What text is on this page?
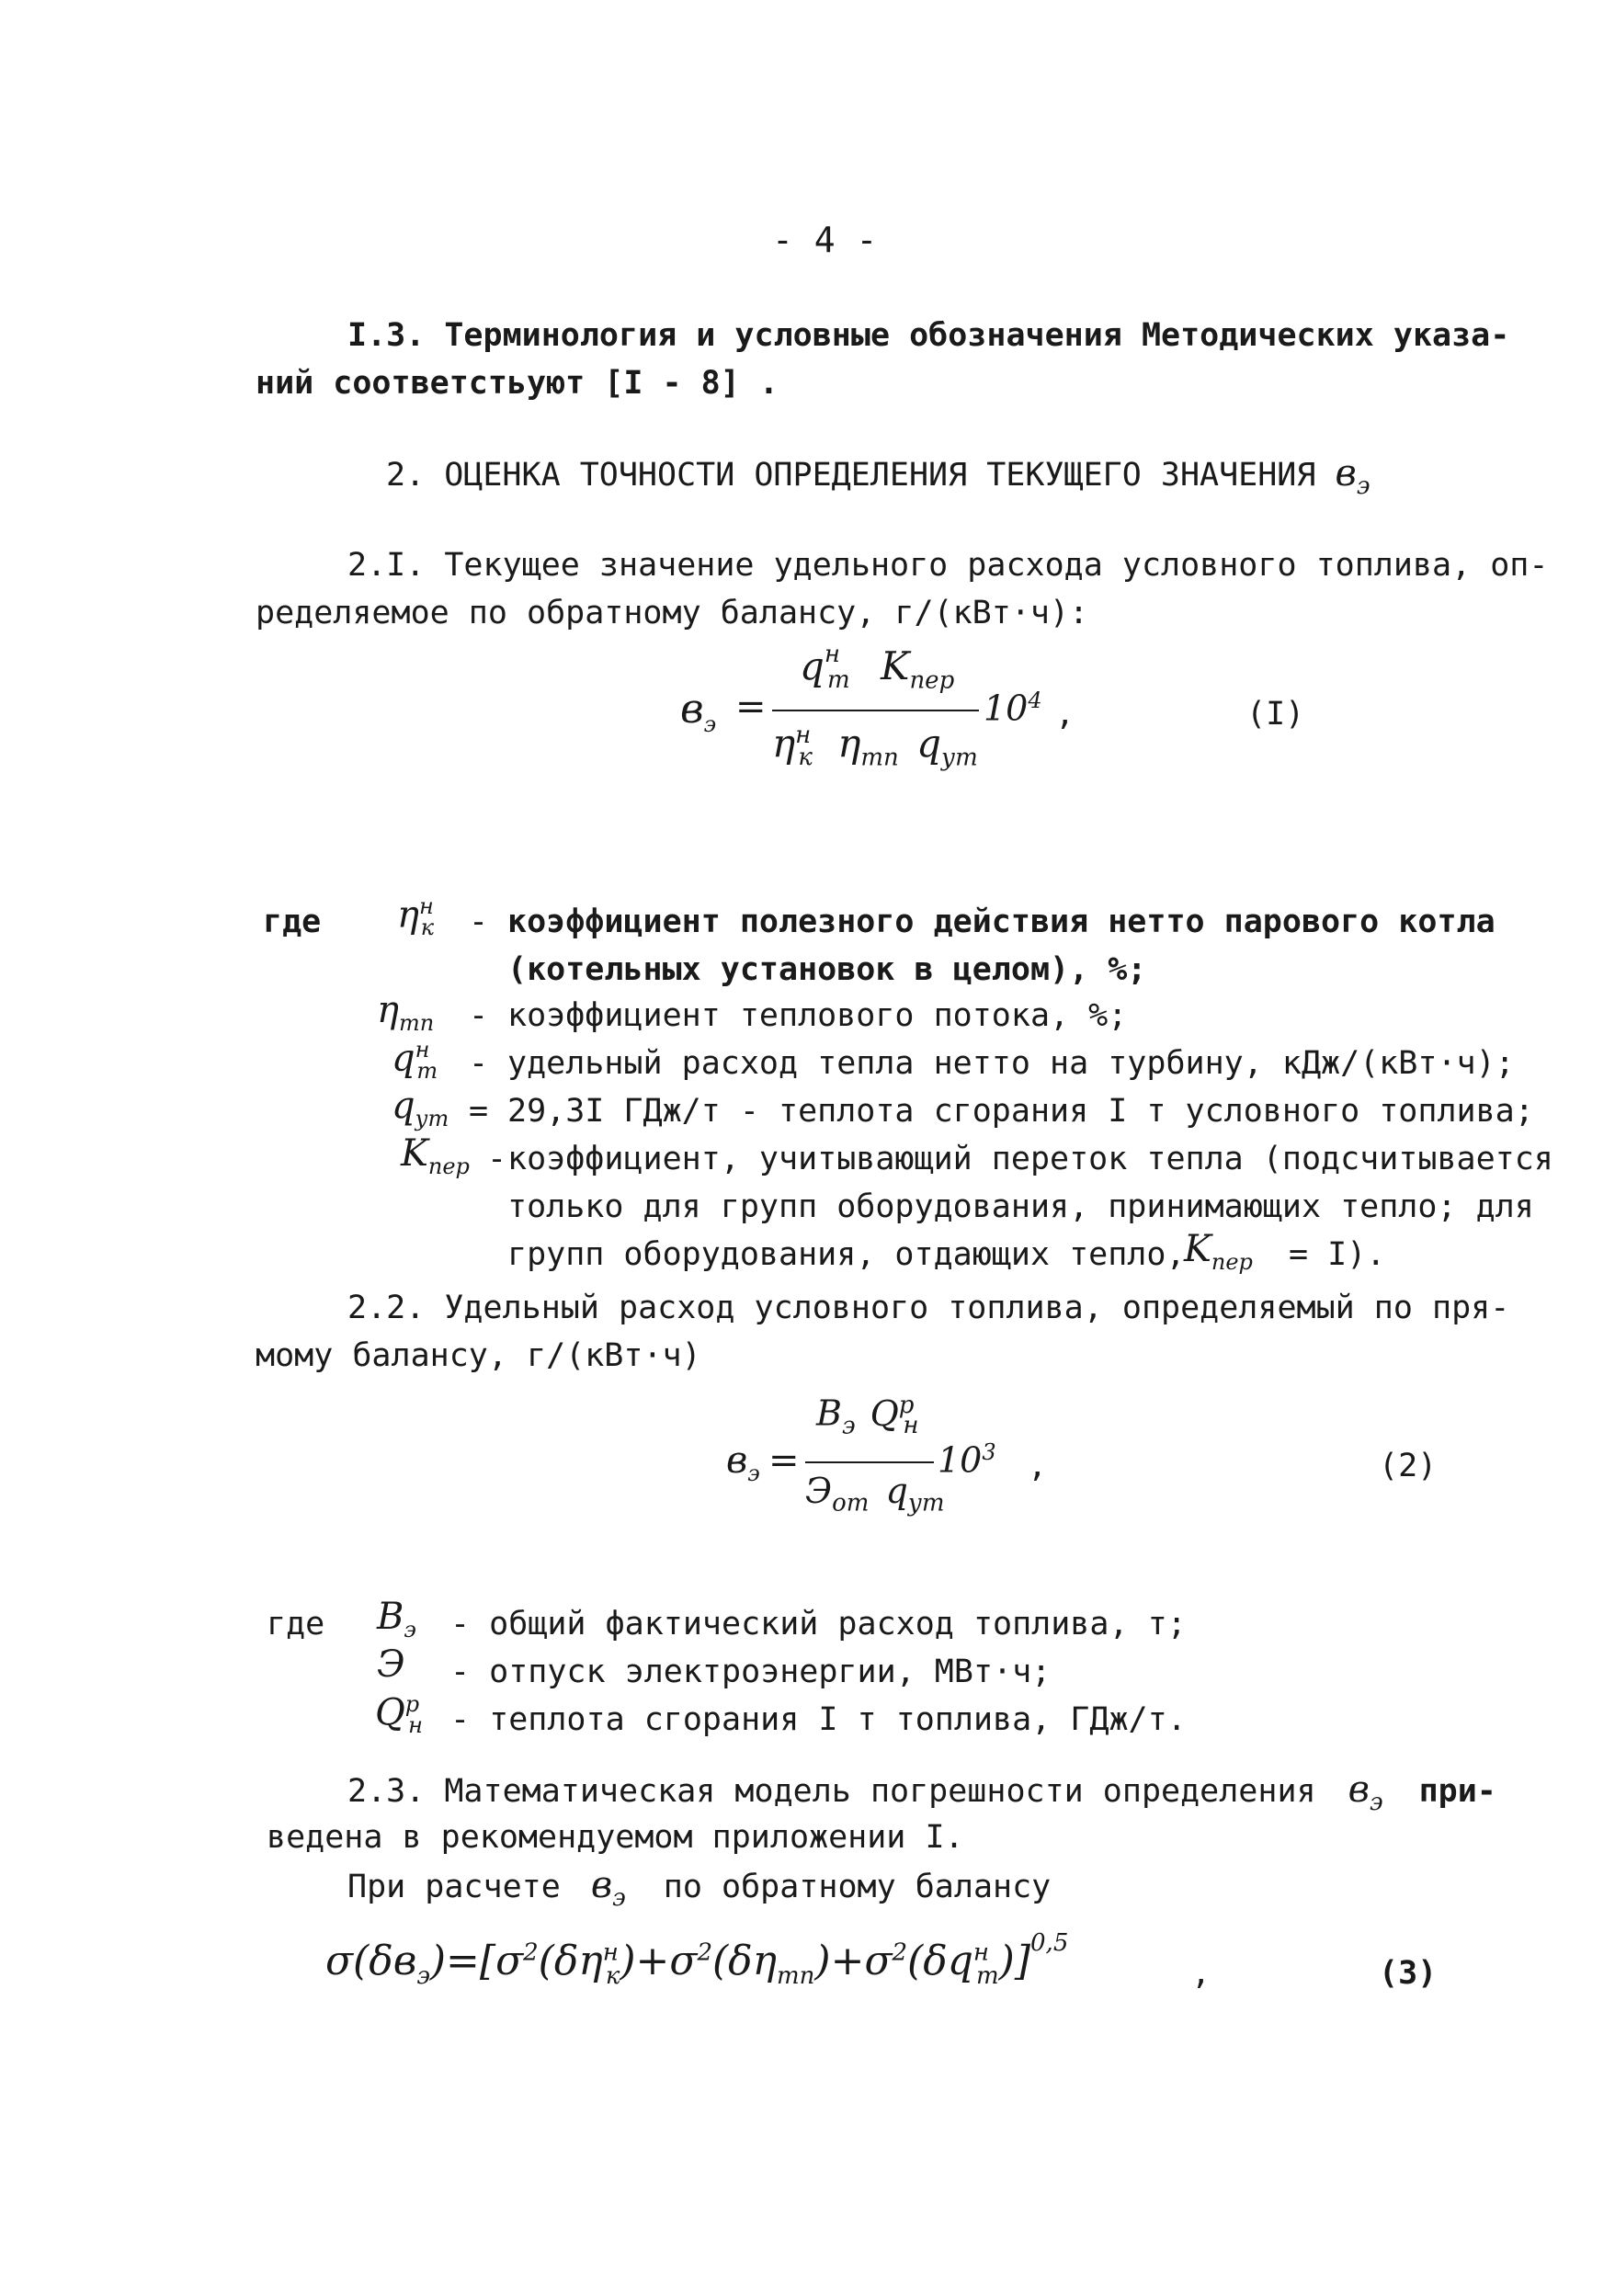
- 4 -
I.3. Терминология и условные обозначения Методических указа-
ний соответстьуют [I - 8] .
2. ОЦЕНКА ТОЧНОСТИ ОПРЕДЕЛЕНИЯ ТЕКУЩЕГО ЗНАЧЕНИЯ $в_э$
2.I. Текущее значение удельного расхода условного топлива, оп-
ределяемое по обратному балансу, г/(кВт·ч):
$в_э$ =
$q^н_т$ $K_{пер}$
$\eta^н_к$ $\eta_{тп}$ $q_{ут}$
$10^4$ ,	(I)
где $\eta^н_к$ - коэффициент полезного действия нетто парового котла
(котельных установок в целом), %;
$\eta_{тп}$ - коэффициент теплового потока, %;
$q^н_т$ - удельный расход тепла нетто на турбину, кДж/(кВт·ч);
$q_{ут} = 29,3I$ ГДж/т - теплота сгорания I т условного топлива;
$K_{пер}$ - коэффициент, учитывающий переток тепла (подсчитывается
только для групп оборудования, принимающих тепло; для
групп оборудования, отдающих тепло,
$K_{пер} = I$).
2.2. Удельный расход условного топлива, определяемый по пря-
мому балансу, г/(кВт·ч)
$в_э$ =
$B_э$ $Q^р_н$
$Э_{от}$ $q_{ут}$
$10^3$ ,	(2)
где $B_э$ - общий фактический расход топлива, т;
Э - отпуск электроэнергии, МВт·ч;
$Q^р_н$ - теплота сгорания I т топлива, ГДж/т.
2.3. Математическая модель погрешности определения $в_э$ при-
ведена в рекомендуемом приложении I.
При расчете $в_э$ по обратному балансу
$\sigma(\delta в_э)=[\sigma^2(\delta\eta^н_к)+\sigma^2(\delta\eta_{тп})+\sigma^2(\delta q^н_т)]^{0,5}$
,	(3)
